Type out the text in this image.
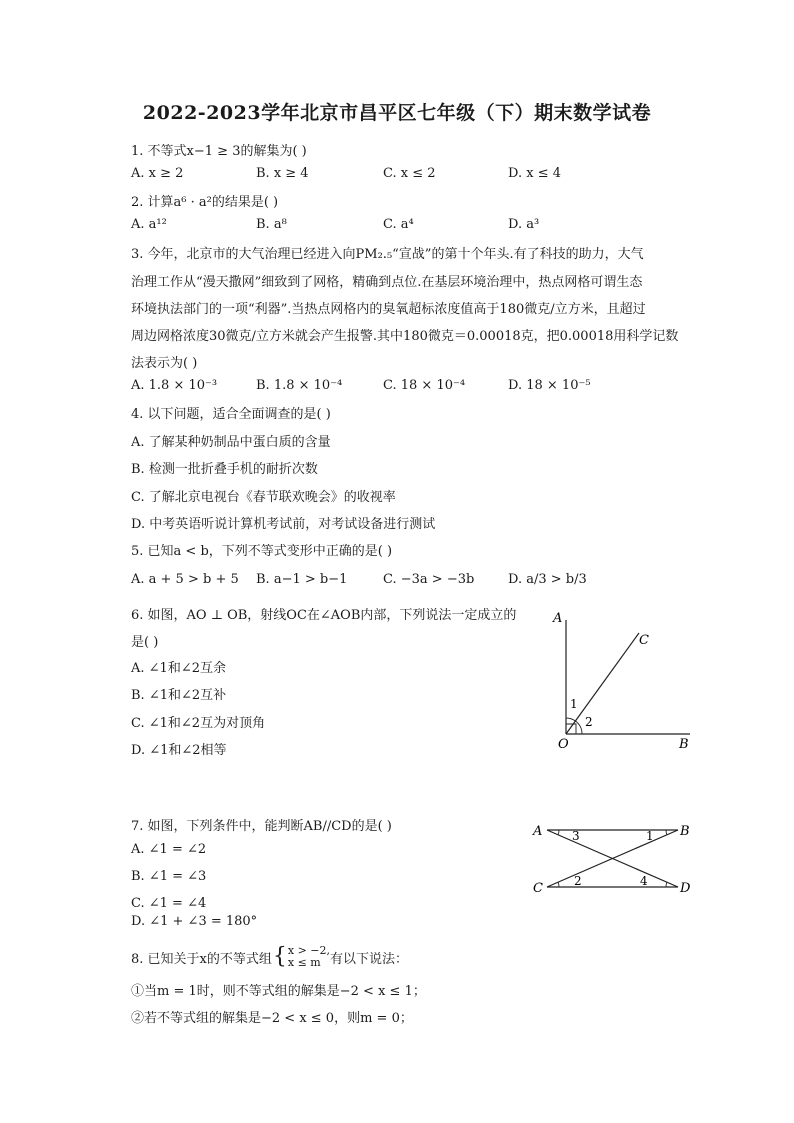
2022-2023学年北京市昌平区七年级（下）期末数学试卷
1. 不等式x−1 ≥ 3的解集为( )
A. x ≥ 2	B. x ≥ 4	C. x ≤ 2	D. x ≤ 4
2. 计算a⁶ · a²的结果是( )
A. a¹²	B. a⁸	C. a⁴	D. a³
3. 今年，北京市的大气治理已经进入向PM₂.₅“宣战”的第十个年头.有了科技的助力，大气
治理工作从“漫天撒网”细致到了网格，精确到点位.在基层环境治理中，热点网格可谓生态
环境执法部门的一项“利器”.当热点网格内的臭氧超标浓度值高于180微克/立方米，且超过
周边网格浓度30微克/立方米就会产生报警.其中180微克＝0.00018克，把0.00018用科学记数
法表示为( )
A. 1.8 × 10⁻³	B. 1.8 × 10⁻⁴	C. 18 × 10⁻⁴	D. 18 × 10⁻⁵
4. 以下问题，适合全面调查的是( )
A. 了解某种奶制品中蛋白质的含量
B. 检测一批折叠手机的耐折次数
C. 了解北京电视台《春节联欢晚会》的收视率
D. 中考英语听说计算机考试前，对考试设备进行测试
5. 已知a < b，下列不等式变形中正确的是( )
A. a + 5 > b + 5 B. a−1 > b−1	C. −3a > −3b	D. a/3 > b/3
6. 如图，AO ⊥ OB，射线OC在∠AOB内部，下列说法一定成立的
是( )
A. ∠1和∠2互余
B. ∠1和∠2互补
C. ∠1和∠2互为对顶角
D. ∠1和∠2相等
A
C
O	B
1
2
7. 如图，下列条件中，能判断AB//CD的是( )
A. ∠1 = ∠2
B. ∠1 = ∠3
C. ∠1 = ∠4
D. ∠1 + ∠3 = 180°
A	B
C	D
3	1
2	4
8. 已知关于x的不等式组 { x > −2,
x ≤ m 有以下说法：
①当m = 1时，则不等式组的解集是−2 < x ≤ 1；
②若不等式组的解集是−2 < x ≤ 0，则m = 0；
